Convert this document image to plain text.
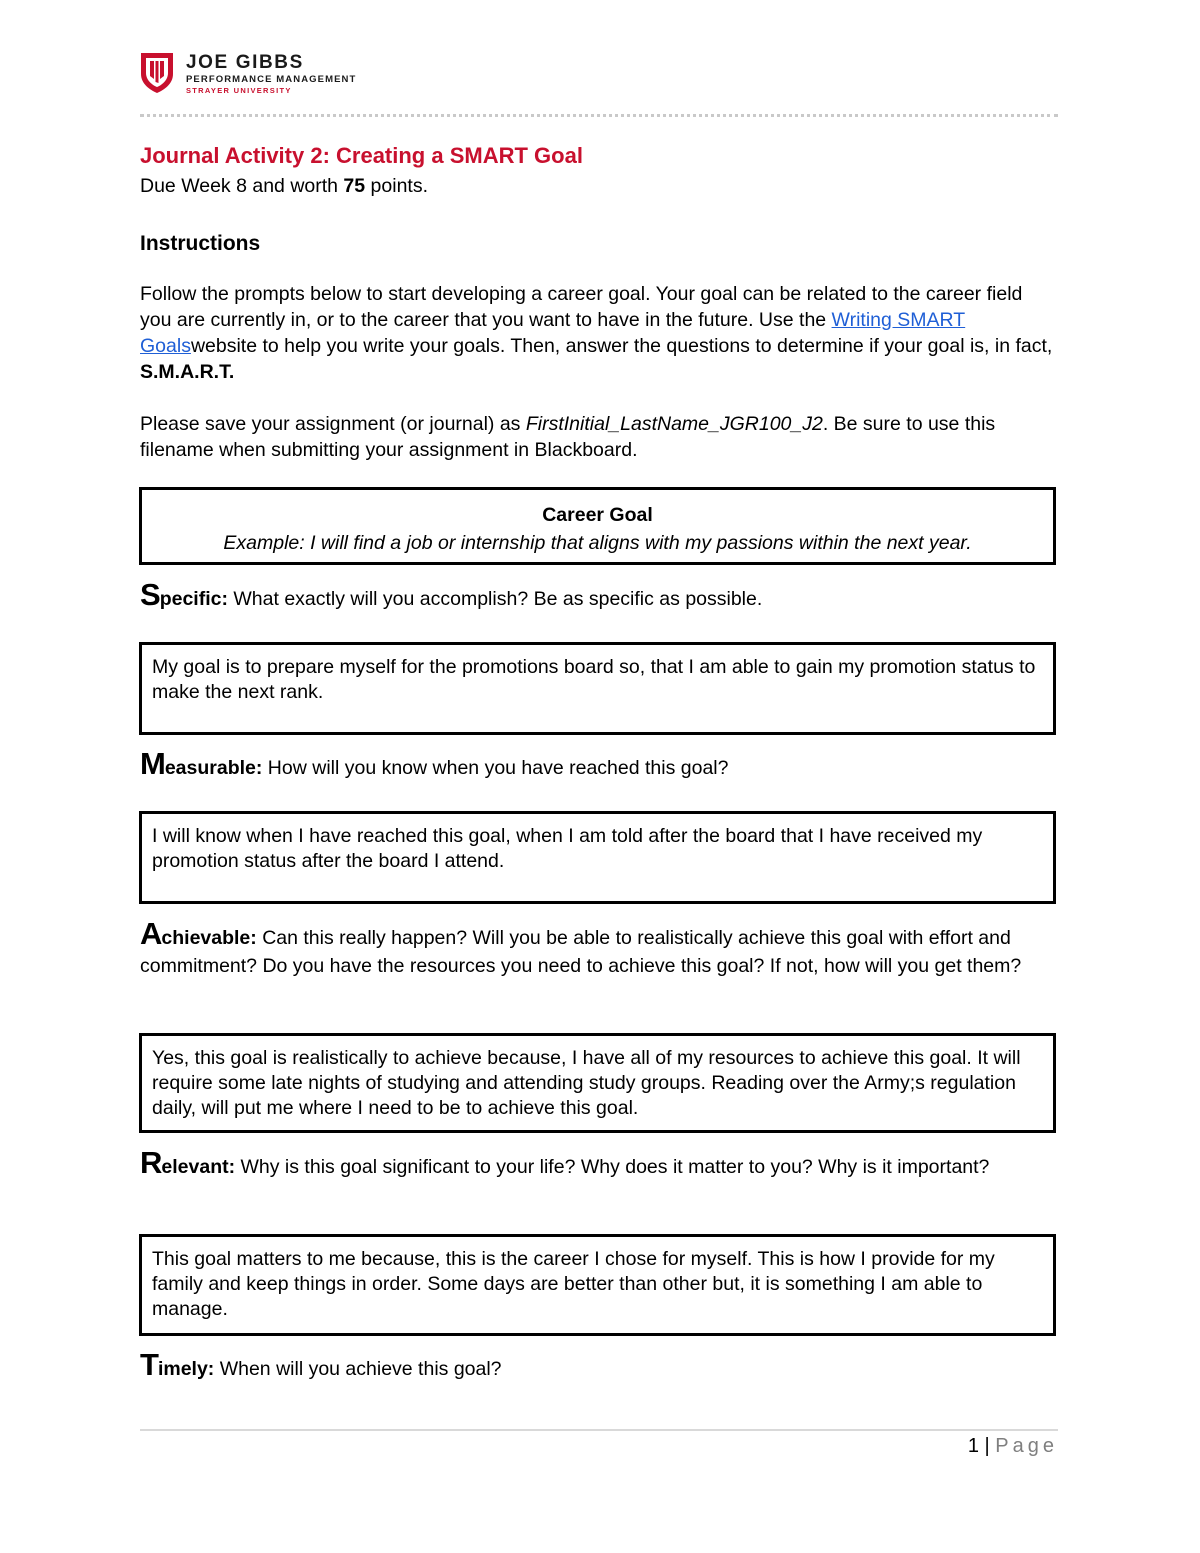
JOE GIBBS
PERFORMANCE MANAGEMENT
STRAYER UNIVERSITY
Journal Activity 2: Creating a SMART Goal
Due Week 8 and worth 75 points.
Instructions
Follow the prompts below to start developing a career goal. Your goal can be related to the career field you are currently in, or to the career that you want to have in the future. Use the Writing SMART Goalswebsite to help you write your goals. Then, answer the questions to determine if your goal is, in fact, S.M.A.R.T.
Please save your assignment (or journal) as FirstInitial_LastName_JGR100_J2. Be sure to use this filename when submitting your assignment in Blackboard.
Career Goal
Example: I will find a job or internship that aligns with my passions within the next year.
Specific: What exactly will you accomplish? Be as specific as possible.
My goal is to prepare myself for the promotions board so, that I am able to gain my promotion status to make the next rank.
Measurable: How will you know when you have reached this goal?
I will know when I have reached this goal, when I am told after the board that I have received my promotion status after the board I attend.
Achievable: Can this really happen? Will you be able to realistically achieve this goal with effort and commitment? Do you have the resources you need to achieve this goal? If not, how will you get them?
Yes, this goal is realistically to achieve because, I have all of my resources to achieve this goal. It will require some late nights of studying and attending study groups. Reading over the Army;s regulation daily, will put me where I need to be to achieve this goal.
Relevant: Why is this goal significant to your life? Why does it matter to you? Why is it important?
This goal matters to me because, this is the career I chose for myself. This is how I provide for my family and keep things in order. Some days are better than other but, it is something I am able to manage.
Timely: When will you achieve this goal?
1 | Page
